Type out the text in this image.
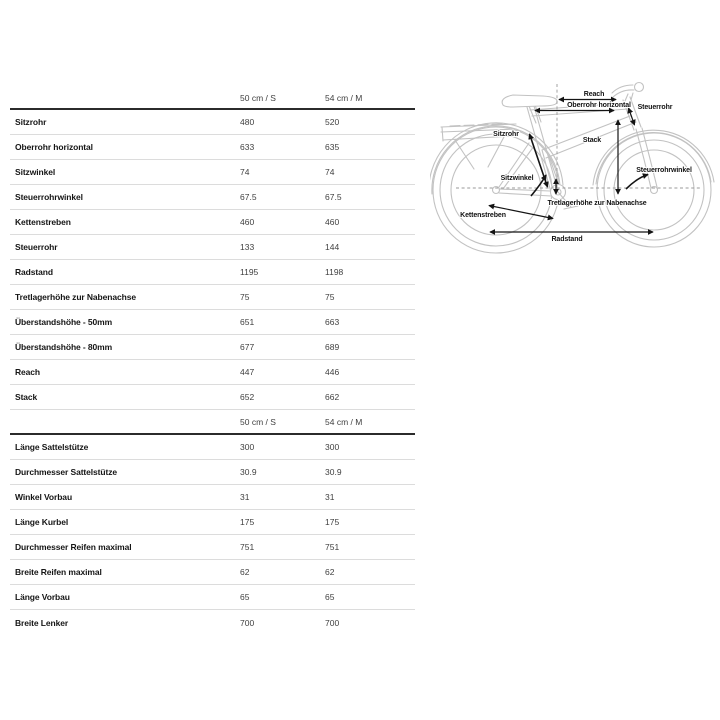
50 cm / S	54 cm / M
Sitzrohr	480	520
Oberrohr horizontal	633	635
Sitzwinkel	74	74
Steuerrohrwinkel	67.5	67.5
Kettenstreben	460	460
Steuerrohr	133	144
Radstand	1195	1198
Tretlagerhöhe zur Nabenachse	75	75
Überstandshöhe - 50mm	651	663
Überstandshöhe - 80mm	677	689
Reach	447	446
Stack	652	662
50 cm / S	54 cm / M
Länge Sattelstütze	300	300
Durchmesser Sattelstütze	30.9	30.9
Winkel Vorbau	31	31
Länge Kurbel	175	175
Durchmesser Reifen maximal	751	751
Breite Reifen maximal	62	62
Länge Vorbau	65	65
Breite Lenker	700	700
Reach
Oberrohr horizontal Steuerrohr
Sitzrohr
Stack
Sitzwinkel
Steuerrohrwinkel
Tretlagerhöhe zur Nabenachse
Kettenstreben
Radstand
